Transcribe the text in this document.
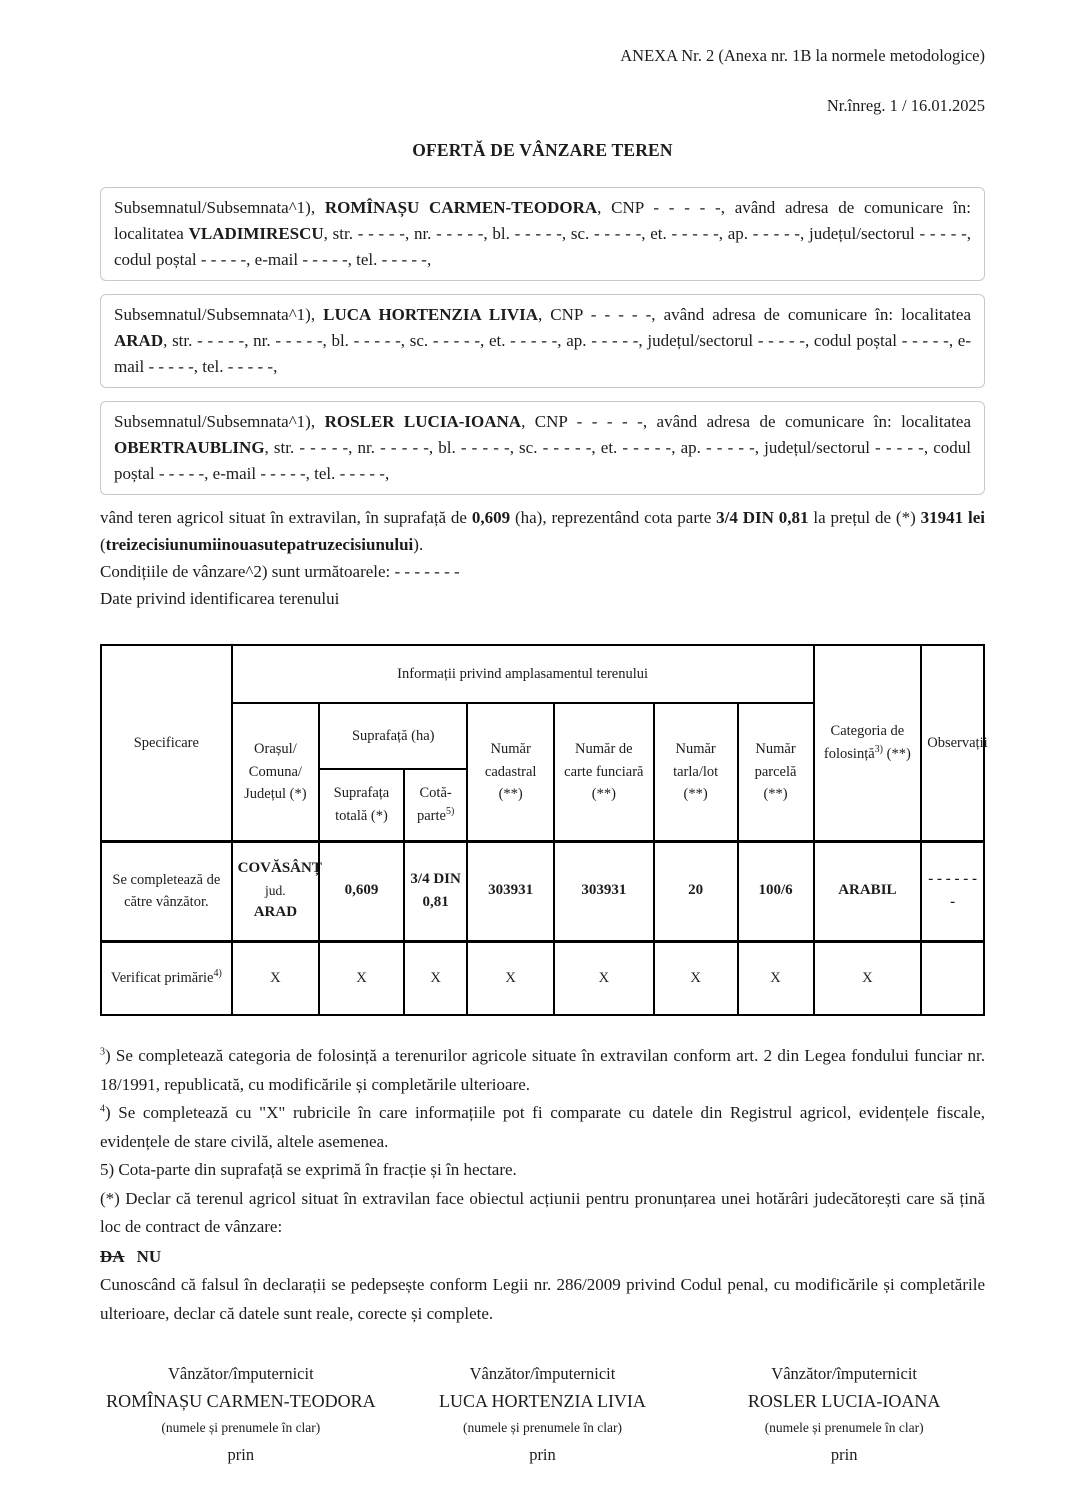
ANEXA Nr. 2 (Anexa nr. 1B la normele metodologice)
Nr.înreg. 1 / 16.01.2025
OFERTĂ DE VÂNZARE TEREN

Subsemnatul/Subsemnata^1), ROMÎNAȘU CARMEN-TEODORA, CNP - - - - -, având adresa de comunicare în: localitatea VLADIMIRESCU, str. - - - - -, nr. - - - - -, bl. - - - - -, sc. - - - - -, et. - - - - -, ap. - - - - -, județul/sectorul - - - - -, codul poștal - - - - -, e-mail - - - - -, tel. - - - - -,

Subsemnatul/Subsemnata^1), LUCA HORTENZIA LIVIA, CNP - - - - -, având adresa de comunicare în: localitatea ARAD, str. - - - - -, nr. - - - - -, bl. - - - - -, sc. - - - - -, et. - - - - -, ap. - - - - -, județul/sectorul - - - - -, codul poștal - - - - -, e-mail - - - - -, tel. - - - - -,

Subsemnatul/Subsemnata^1), ROSLER LUCIA-IOANA, CNP - - - - -, având adresa de comunicare în: localitatea OBERTRAUBLING, str. - - - - -, nr. - - - - -, bl. - - - - -, sc. - - - - -, et. - - - - -, ap. - - - - -, județul/sectorul - - - - -, codul poștal - - - - -, e-mail - - - - -, tel. - - - - -,

vând teren agricol situat în extravilan, în suprafață de 0,609 (ha), reprezentând cota parte 3/4 DIN 0,81 la prețul de (*) 31941 lei (treizecisiunumiinouasutepatruzecisiunului).

Condițiile de vânzare^2) sunt următoarele: - - - - - - -

Date privind identificarea terenului

Specificare	Informații privind amplasamentul terenului							Categoria de folosință$^{3)}$ (**)	Observații
	Orașul/ Comuna/ Județul (*)	Suprafață (ha)		Număr cadastral (**)	Număr de carte funciară (**)	Număr tarla/lot (**)	Număr parcelă (**)		
		Suprafața totală (*)	Cotă-parte$^{5)}$
Se completează de către vânzător.	COVĂSÂNȚ
jud.
ARAD	0,609	3/4 DIN 0,81	303931	303931	20	100/6	ARABIL	- - - - - - -
Verificat primărie$^{4)}$	X	X	X	X	X	X	X	X	

$^3$) Se completează categoria de folosință a terenurilor agricole situate în extravilan conform art. 2 din Legea fondului funciar nr. 18/1991, republicată, cu modificările și completările ulterioare.

$^4$) Se completează cu "X" rubricile în care informațiile pot fi comparate cu datele din Registrul agricol, evidențele fiscale, evidențele de stare civilă, altele asemenea.

5) Cota-parte din suprafață se exprimă în fracție și în hectare.

(*) Declar că terenul agricol situat în extravilan face obiectul acțiunii pentru pronunțarea unei hotărâri judecătorești care să țină loc de contract de vânzare:

DA NU

Cunoscând că falsul în declarații se pedepsește conform Legii nr. 286/2009 privind Codul penal, cu modificările și completările ulterioare, declar că datele sunt reale, corecte și complete.

Vânzător/împuternicit
ROMÎNAȘU CARMEN-TEODORA
(numele și prenumele în clar)
prin
Vânzător/împuternicit
LUCA HORTENZIA LIVIA
(numele și prenumele în clar)
prin
Vânzător/împuternicit
ROSLER LUCIA-IOANA
(numele și prenumele în clar)
prin
